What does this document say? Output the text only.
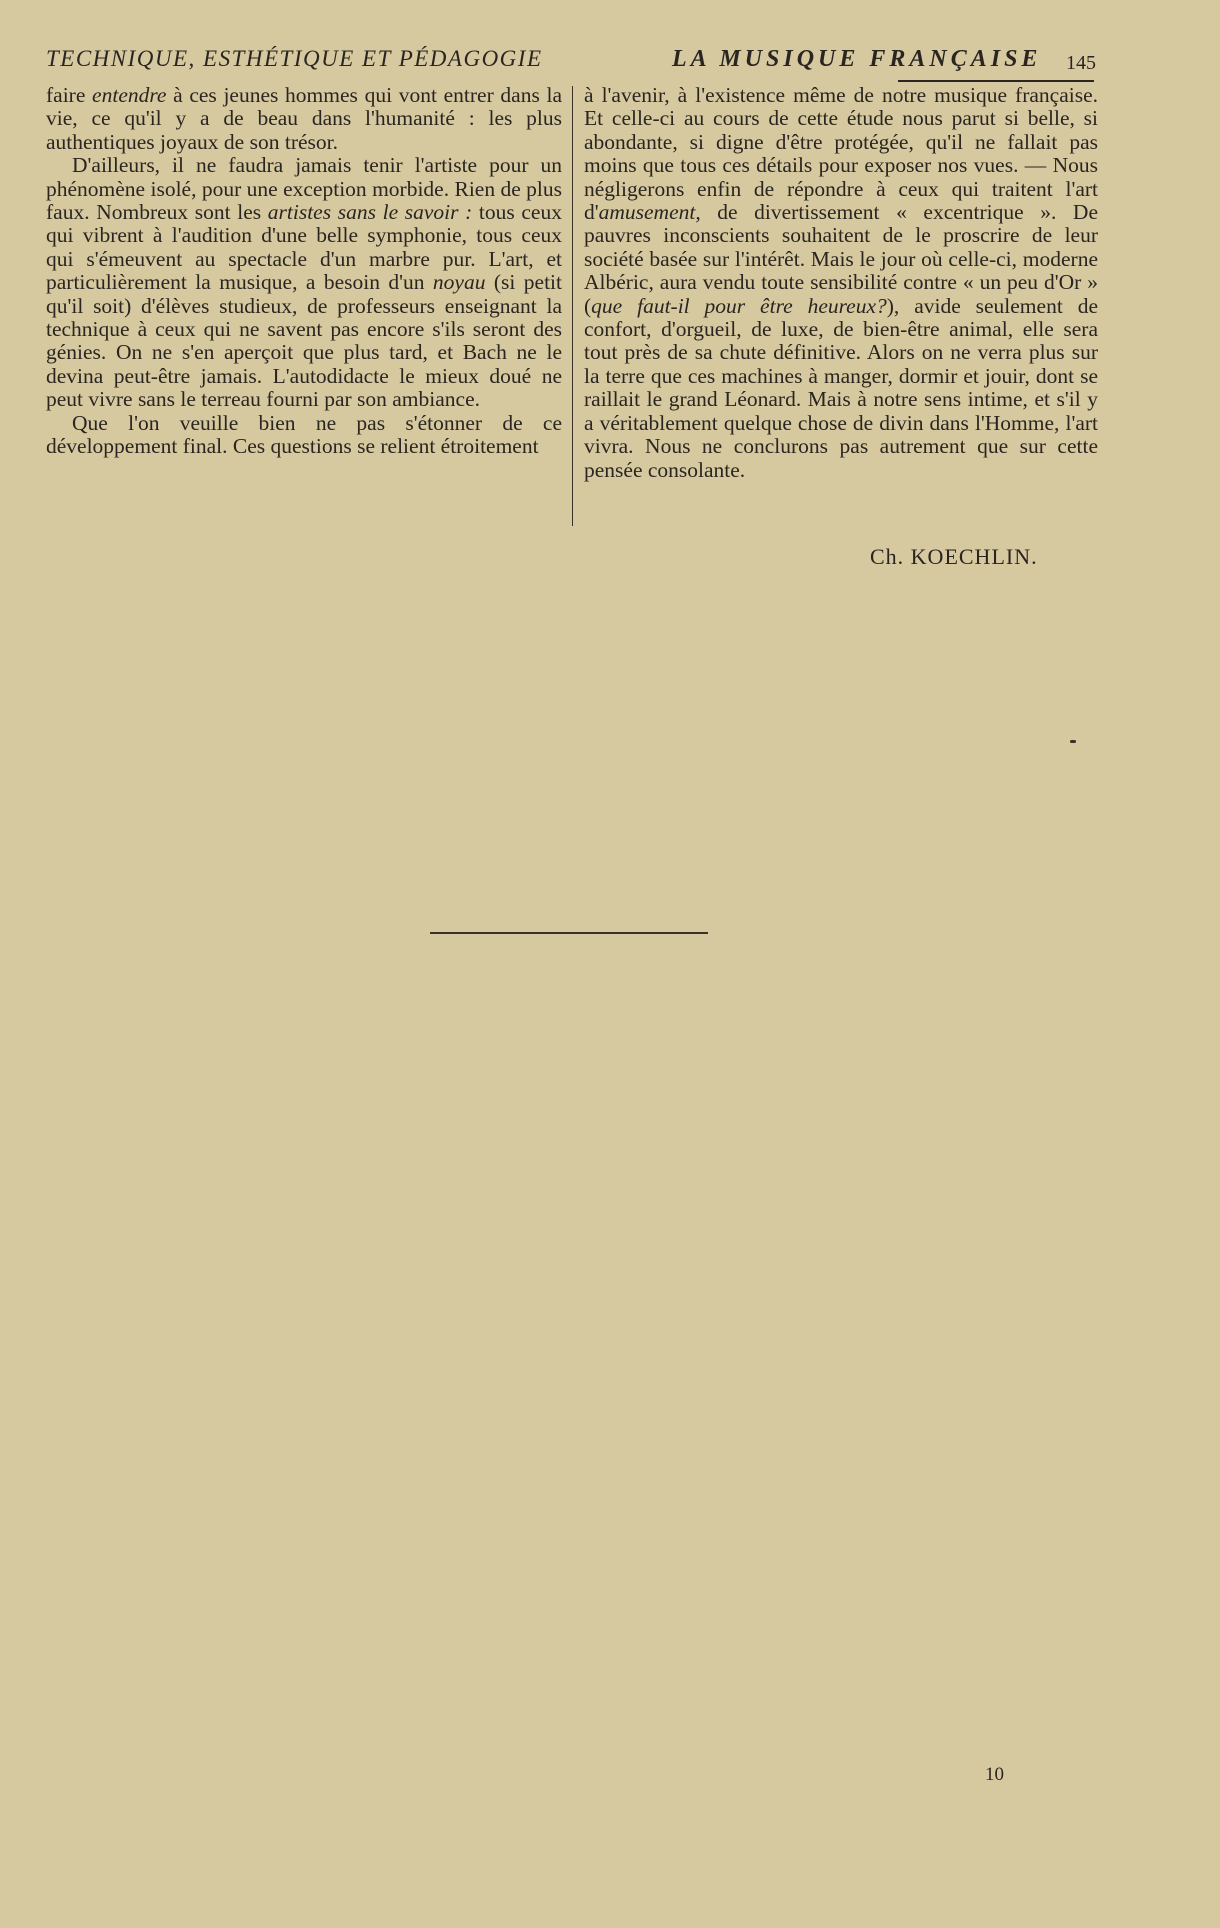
TECHNIQUE, ESTHÉTIQUE ET PÉDAGOGIE	LA MUSIQUE FRANÇAISE 145

faire entendre à ces jeunes hommes qui vont entrer dans la vie, ce qu'il y a de beau dans l'humanité : les plus authentiques joyaux de son trésor.

D'ailleurs, il ne faudra jamais tenir l'artiste pour un phénomène isolé, pour une exception morbide. Rien de plus faux. Nombreux sont les artistes sans le savoir : tous ceux qui vibrent à l'audition d'une belle symphonie, tous ceux qui s'émeuvent au spectacle d'un marbre pur. L'art, et particulièrement la musique, a besoin d'un noyau (si petit qu'il soit) d'élèves studieux, de professeurs enseignant la technique à ceux qui ne savent pas encore s'ils seront des génies. On ne s'en aperçoit que plus tard, et Bach ne le devina peut-être jamais. L'autodidacte le mieux doué ne peut vivre sans le terreau fourni par son ambiance.

Que l'on veuille bien ne pas s'étonner de ce développement final. Ces questions se relient étroitement

à l'avenir, à l'existence même de notre musique française. Et celle-ci au cours de cette étude nous parut si belle, si abondante, si digne d'être protégée, qu'il ne fallait pas moins que tous ces détails pour exposer nos vues. — Nous négligerons enfin de répondre à ceux qui traitent l'art d'amusement, de divertissement « excentrique ». De pauvres inconscients souhaitent de le proscrire de leur société basée sur l'intérêt. Mais le jour où celle-ci, moderne Albéric, aura vendu toute sensibilité contre « un peu d'Or » (que faut-il pour être heureux?), avide seulement de confort, d'orgueil, de luxe, de bien-être animal, elle sera tout près de sa chute définitive. Alors on ne verra plus sur la terre que ces machines à manger, dormir et jouir, dont se raillait le grand Léonard. Mais à notre sens intime, et s'il y a véritablement quelque chose de divin dans l'Homme, l'art vivra. Nous ne conclurons pas autrement que sur cette pensée consolante.

Ch. KOECHLIN.
10
